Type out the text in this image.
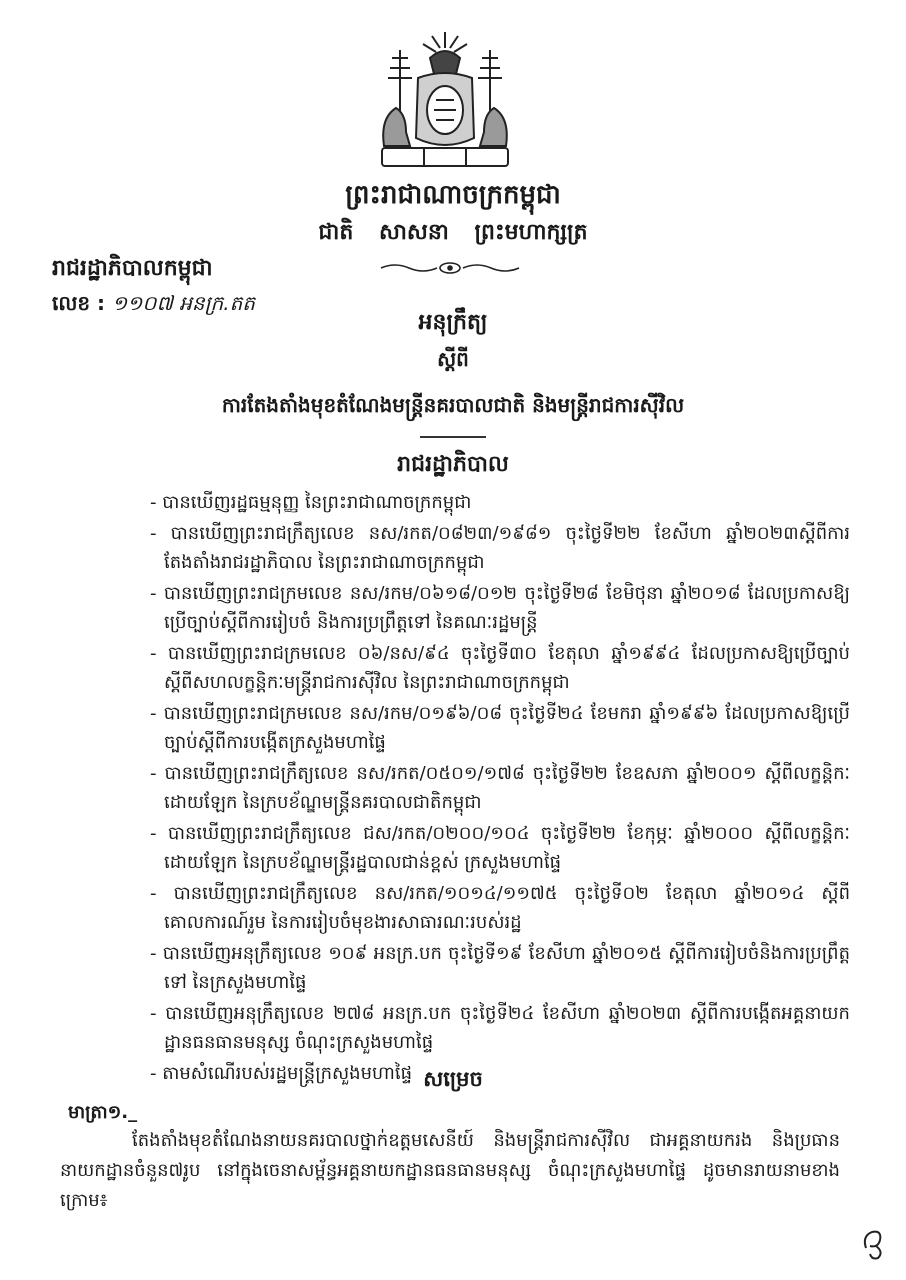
ព្រះរាជាណាចក្រកម្ពុជា
ជាតិ សាសនា ព្រះមហាក្សត្រ
រាជរដ្ឋាភិបាលកម្ពុជា
លេខ : ១១០៧ អនក្រ.តត
អនុក្រឹត្យ
ស្តីពី
ការតែងតាំងមុខតំណែងមន្ត្រីនគរបាលជាតិ និងមន្ត្រីរាជការស៊ីវិល
រាជរដ្ឋាភិបាល
- បានឃើញរដ្ឋធម្មនុញ្ញ នៃព្រះរាជាណាចក្រកម្ពុជា
- បានឃើញព្រះរាជក្រឹត្យលេខ នស/រកត/០៨២៣/១៩៨១ ចុះថ្ងៃទី២២ ខែសីហា ឆ្នាំ២០២៣ស្តីពីការតែងតាំងរាជរដ្ឋាភិបាល នៃព្រះរាជាណាចក្រកម្ពុជា
- បានឃើញព្រះរាជក្រមលេខ នស/រកម/០៦១៨/០១២ ចុះថ្ងៃទី២៨ ខែមិថុនា ឆ្នាំ២០១៨ ដែលប្រកាសឱ្យប្រើច្បាប់ស្តីពីការរៀបចំ និងការប្រព្រឹត្តទៅ នៃគណៈរដ្ឋមន្ត្រី
- បានឃើញព្រះរាជក្រមលេខ ០៦/នស/៩៤ ចុះថ្ងៃទី៣០ ខែតុលា ឆ្នាំ១៩៩៤ ដែលប្រកាសឱ្យប្រើច្បាប់ស្តីពីសហលក្ខន្តិកៈមន្ត្រីរាជការស៊ីវិល នៃព្រះរាជាណាចក្រកម្ពុជា
- បានឃើញព្រះរាជក្រមលេខ នស/រកម/០១៩៦/០៨ ចុះថ្ងៃទី២៤ ខែមករា ឆ្នាំ១៩៩៦ ដែលប្រកាសឱ្យប្រើច្បាប់ស្តីពីការបង្កើតក្រសួងមហាផ្ទៃ
- បានឃើញព្រះរាជក្រឹត្យលេខ នស/រកត/០៥០១/១៧៨ ចុះថ្ងៃទី២២ ខែឧសភា ឆ្នាំ២០០១ ស្តីពីលក្ខន្តិកៈដោយឡែក នៃក្របខ័ណ្ឌមន្ត្រីនគរបាលជាតិកម្ពុជា
- បានឃើញព្រះរាជក្រឹត្យលេខ ជស/រកត/០២០០/១០៤ ចុះថ្ងៃទី២២ ខែកុម្ភៈ ឆ្នាំ២០០០ ស្តីពីលក្ខន្តិកៈដោយឡែក នៃក្របខ័ណ្ឌមន្ត្រីរដ្ឋបាលជាន់ខ្ពស់ ក្រសួងមហាផ្ទៃ
- បានឃើញព្រះរាជក្រឹត្យលេខ នស/រកត/១០១៤/១១៧៥ ចុះថ្ងៃទី០២ ខែតុលា ឆ្នាំ២០១៤ ស្តីពីគោលការណ៍រួម នៃការរៀបចំមុខងារសាធារណៈរបស់រដ្ឋ
- បានឃើញអនុក្រឹត្យលេខ ១០៩ អនក្រ.បក ចុះថ្ងៃទី១៩ ខែសីហា ឆ្នាំ២០១៥ ស្តីពីការរៀបចំនិងការប្រព្រឹត្តទៅ នៃក្រសួងមហាផ្ទៃ
- បានឃើញអនុក្រឹត្យលេខ ២៧៨ អនក្រ.បក ចុះថ្ងៃទី២៤ ខែសីហា ឆ្នាំ២០២៣ ស្តីពីការបង្កើតអគ្គនាយកដ្ឋានធនធានមនុស្ស ចំណុះក្រសួងមហាផ្ទៃ
- តាមសំណើរបស់រដ្ឋមន្ត្រីក្រសួងមហាផ្ទៃ សម្រេច
មាត្រា១._

តែងតាំងមុខតំណែងនាយនគរបាលថ្នាក់ឧត្តមសេនីយ៍ និងមន្ត្រីរាជការស៊ីវិល ជាអគ្គនាយករង និងប្រធាននាយកដ្ឋានចំនួន៧រូប នៅក្នុងចេនាសម្ព័ន្ធអគ្គនាយកដ្ឋានធនធានមនុស្ស ចំណុះក្រសួងមហាផ្ទៃ ដូចមានរាយនាមខាងក្រោម៖
